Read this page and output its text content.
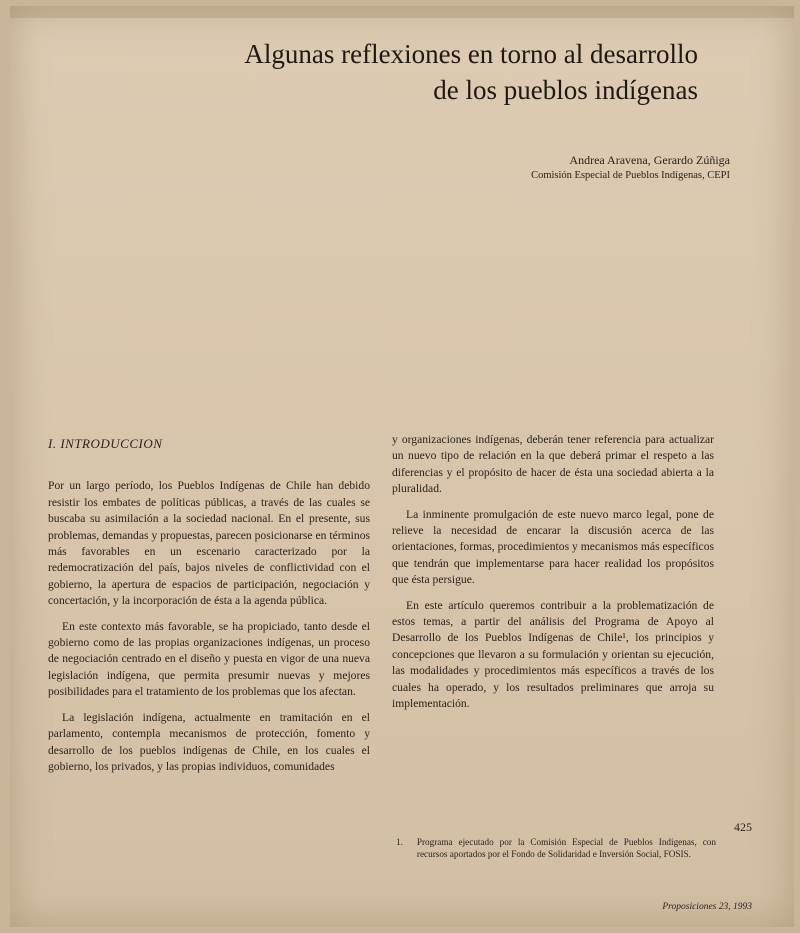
Algunas reflexiones en torno al desarrollo
de los pueblos indígenas
Andrea Aravena, Gerardo Zúñiga
Comisión Especial de Pueblos Indígenas, CEPI
I. INTRODUCCION

Por un largo período, los Pueblos Indígenas de Chile han debido resistir los embates de políticas públicas, a través de las cuales se buscaba su asimilación a la sociedad nacional. En el presente, sus problemas, demandas y propuestas, parecen posicionarse en términos más favorables en un escenario caracterizado por la redemocratización del país, bajos niveles de conflictividad con el gobierno, la apertura de espacios de participación, negociación y concertación, y la incorporación de ésta a la agenda pública.

En este contexto más favorable, se ha propiciado, tanto desde el gobierno como de las propias organizaciones indígenas, un proceso de negociación centrado en el diseño y puesta en vigor de una nueva legislación indígena, que permita presumir nuevas y mejores posibilidades para el tratamiento de los problemas que los afectan.

La legislación indígena, actualmente en tramitación en el parlamento, contempla mecanismos de protección, fomento y desarrollo de los pueblos indígenas de Chile, en los cuales el gobierno, los privados, y las propias individuos, comunidades

y organizaciones indígenas, deberán tener referencia para actualizar un nuevo tipo de relación en la que deberá primar el respeto a las diferencias y el propósito de hacer de ésta una sociedad abierta a la pluralidad.

La inminente promulgación de este nuevo marco legal, pone de relieve la necesidad de encarar la discusión acerca de las orientaciones, formas, procedimientos y mecanismos más específicos que tendrán que implementarse para hacer realidad los propósitos que ésta persigue.

En este artículo queremos contribuir a la problematización de estos temas, a partir del análisis del Programa de Apoyo al Desarrollo de los Pueblos Indígenas de Chile¹, los principios y concepciones que llevaron a su formulación y orientan su ejecución, las modalidades y procedimientos más específicos a través de los cuales ha operado, y los resultados preliminares que arroja su implementación.

425
1. Programa ejecutado por la Comisión Especial de Pueblos Indígenas, con recursos aportados por el Fondo de Solidaridad e Inversión Social, FOSIS.
Proposiciones 23, 1993
